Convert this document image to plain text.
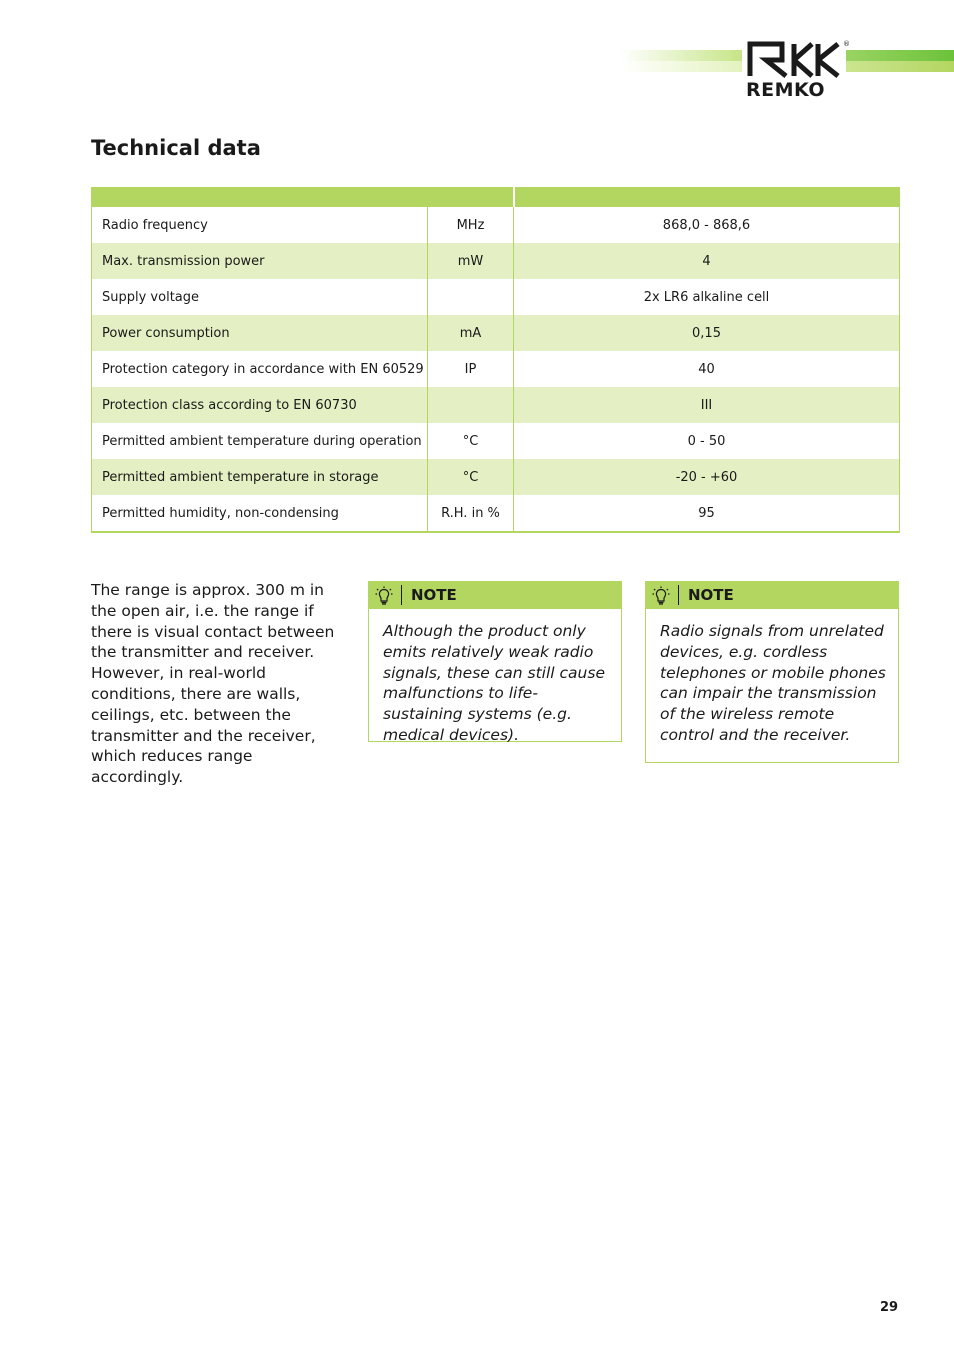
REMKO
®
Technical data

Radio frequency	MHz	868,0 - 868,6
Max. transmission power	mW	4
Supply voltage		2x LR6 alkaline cell
Power consumption	mA	0,15
Protection category in accordance with EN 60529	IP	40
Protection class according to EN 60730		III
Permitted ambient temperature during operation	°C	0 - 50
Permitted ambient temperature in storage	°C	-20 - +60
Permitted humidity, non-condensing	R.H. in %	95

The range is approx. 300 m in the open air, i.e. the range if there is visual contact between the transmitter and receiver. However, in real-world conditions, there are walls, ceilings, etc. between the transmitter and the receiver, which reduces range accordingly.

NOTE

Although the product only emits relatively weak radio signals, these can still cause malfunctions to life-sustaining systems (e.g. medical devices).

NOTE

Radio signals from unrelated devices, e.g. cordless telephones or mobile phones can impair the transmission of the wireless remote control and the receiver.

29
